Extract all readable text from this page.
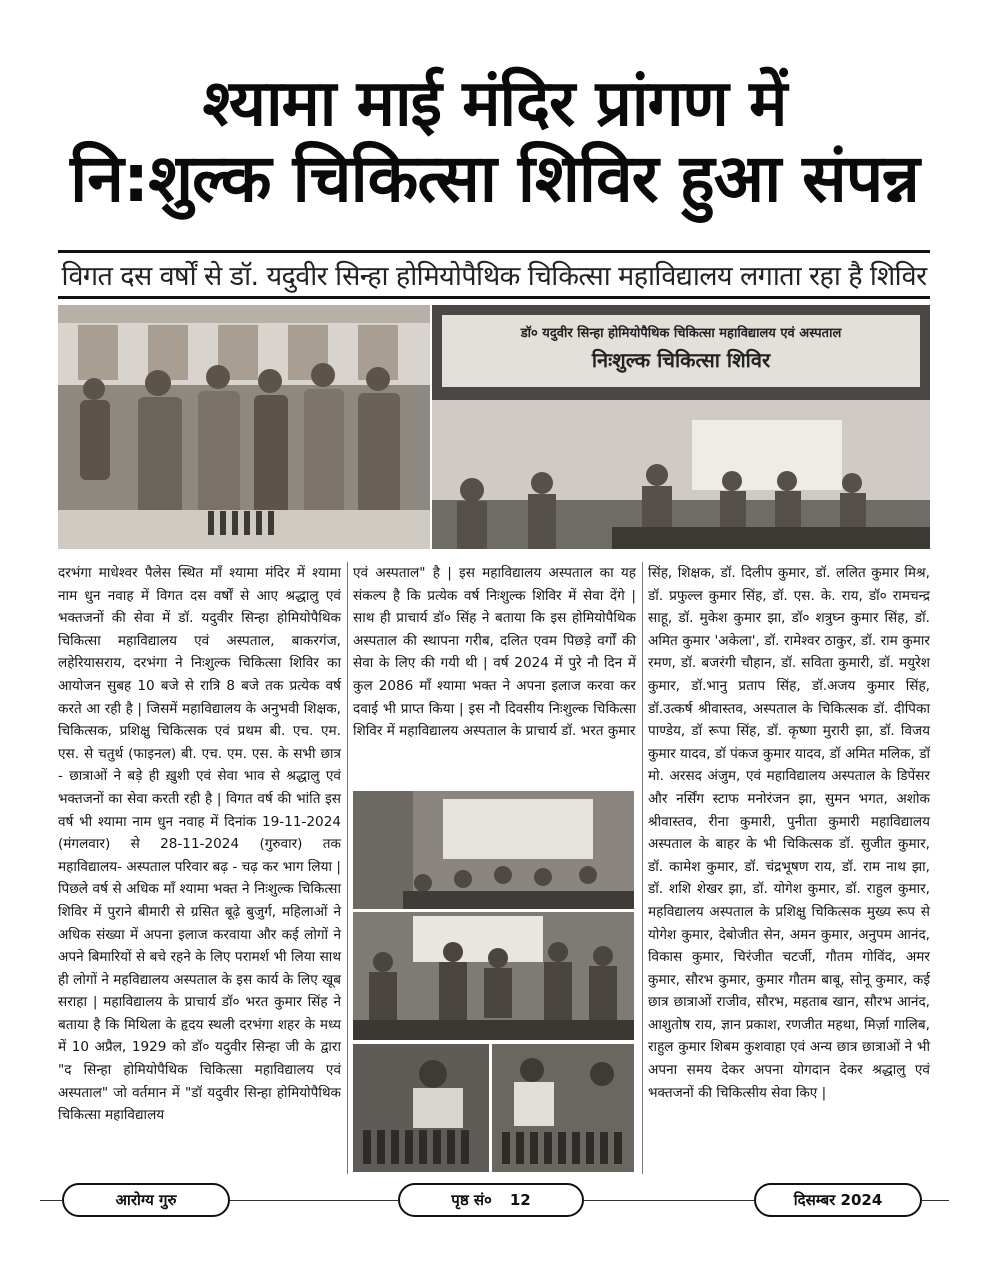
श्यामा माई मंदिर प्रांगण में
नि:शुल्क चिकित्सा शिविर हुआ संपन्न
विगत दस वर्षों से डॉ. यदुवीर सिन्हा होमियोपैथिक चिकित्सा महाविद्यालय लगाता रहा है शिविर
डॉ० यदुवीर सिन्हा होमियोपैथिक चिकित्सा महाविद्यालय एवं अस्पताल
निःशुल्क चिकित्सा शिविर
दरभंगा माधेश्वर पैलेस स्थित माँ श्यामा मंदिर में श्यामा नाम धुन नवाह में विगत दस वर्षों से आए श्रद्धालु एवं भक्तजनों की सेवा में डॉ. यदुवीर सिन्हा होमियोपैथिक चिकित्सा महाविद्यालय एवं अस्पताल, बाकरगंज, लहेरियासराय, दरभंगा ने निःशुल्क चिकित्सा शिविर का आयोजन सुबह 10 बजे से रात्रि 8 बजे तक प्रत्येक वर्ष करते आ रही है | जिसमें महाविद्यालय के अनुभवी शिक्षक, चिकित्सक, प्रशिक्षु चिकित्सक एवं प्रथम बी. एच. एम. एस. से चतुर्थ (फाइनल) बी. एच. एम. एस. के सभी छात्र - छात्राओं ने बड़े ही ख़ुशी एवं सेवा भाव से श्रद्धालु एवं भक्तजनों का सेवा करती रही है | विगत वर्ष की भांति इस वर्ष भी श्यामा नाम धुन नवाह में दिनांक 19-11-2024 (मंगलवार) से 28-11-2024 (गुरुवार) तक महाविद्यालय- अस्पताल परिवार बढ़ - चढ़ कर भाग लिया | पिछले वर्ष से अधिक माँ श्यामा भक्त ने निःशुल्क चिकित्सा शिविर में पुराने बीमारी से ग्रसित बूढ़े बुजुर्ग, महिलाओं ने अधिक संख्या में अपना इलाज करवाया और कई लोगों ने अपने बिमारियों से बचे रहने के लिए परामर्श भी लिया साथ ही लोगों ने महविद्यालय अस्पताल के इस कार्य के लिए खूब सराहा | महाविद्यालय के प्राचार्य डॉ० भरत कुमार सिंह ने बताया है कि मिथिला के हृदय स्थली दरभंगा शहर के मध्य में 10 अप्रैल, 1929 को डॉ० यदुवीर सिन्हा जी के द्वारा "द सिन्हा होमियोपैथिक चिकित्सा महाविद्यालय एवं अस्पताल" जो वर्तमान में "डॉ यदुवीर सिन्हा होमियोपैथिक चिकित्सा महाविद्यालय
एवं अस्पताल" है | इस महाविद्यालय अस्पताल का यह संकल्प है कि प्रत्येक वर्ष निःशुल्क शिविर में सेवा देंगे | साथ ही प्राचार्य डॉ० सिंह ने बताया कि इस होमियोपैथिक अस्पताल की स्थापना गरीब, दलित एवम पिछड़े वर्गों की सेवा के लिए की गयी थी | वर्ष 2024 में पुरे नौ दिन में कुल 2086 माँ श्यामा भक्त ने अपना इलाज करवा कर दवाई भी प्राप्त किया | इस नौ दिवसीय निःशुल्क चिकित्सा शिविर में महाविद्यालय अस्पताल के प्राचार्य डॉ. भरत कुमार
सिंह, शिक्षक, डॉ. दिलीप कुमार, डॉ. ललित कुमार मिश्र, डॉ. प्रफुल्ल कुमार सिंह, डॉ. एस. के. राय, डॉ० रामचन्द्र साहू, डॉ. मुकेश कुमार झा, डॉ० शत्रुघ्न कुमार सिंह, डॉ. अमित कुमार 'अकेला', डॉ. रामेश्वर ठाकुर, डॉ. राम कुमार रमण, डॉ. बजरंगी चौहान, डॉ. सविता कुमारी, डॉ. मयुरेश कुमार, डॉ.भानु प्रताप सिंह, डॉ.अजय कुमार सिंह, डॉ.उत्कर्ष श्रीवास्तव, अस्पताल के चिकित्सक डॉ. दीपिका पाण्डेय, डॉ रूपा सिंह, डॉ. कृष्णा मुरारी झा, डॉ. विजय कुमार यादव, डॉ पंकज कुमार यादव, डॉ अमित मलिक, डॉ मो. अरसद अंजुम, एवं महाविद्यालय अस्पताल के डिपेंसर और नर्सिंग स्टाफ मनोरंजन झा, सुमन भगत, अशोक श्रीवास्तव, रीना कुमारी, पुनीता कुमारी महाविद्यालय अस्पताल के बाहर के भी चिकित्सक डॉ. सुजीत कुमार, डॉ. कामेश कुमार, डॉ. चंद्रभूषण राय, डॉ. राम नाथ झा, डॉ. शशि शेखर झा, डॉ. योगेश कुमार, डॉ. राहुल कुमार, महविद्यालय अस्पताल के प्रशिक्षु चिकित्सक मुख्य रूप से योगेश कुमार, देबोजीत सेन, अमन कुमार, अनुपम आनंद, विकास कुमार, चिरंजीत चटर्जी, गौतम गोविंद, अमर कुमार, सौरभ कुमार, कुमार गौतम बाबू, सोनू कुमार, कई छात्र छात्राओं राजीव, सौरभ, महताब खान, सौरभ आनंद, आशुतोष राय, ज्ञान प्रकाश, रणजीत महथा, मिर्ज़ा गालिब, राहुल कुमार शिबम कुशवाहा एवं अन्य छात्र छात्राओं ने भी अपना समय देकर अपना योगदान देकर श्रद्धालु एवं भक्तजनों की चिकित्सीय सेवा किए |
आरोग्य गुरु	पृष्ठ सं० 12	दिसम्बर 2024
